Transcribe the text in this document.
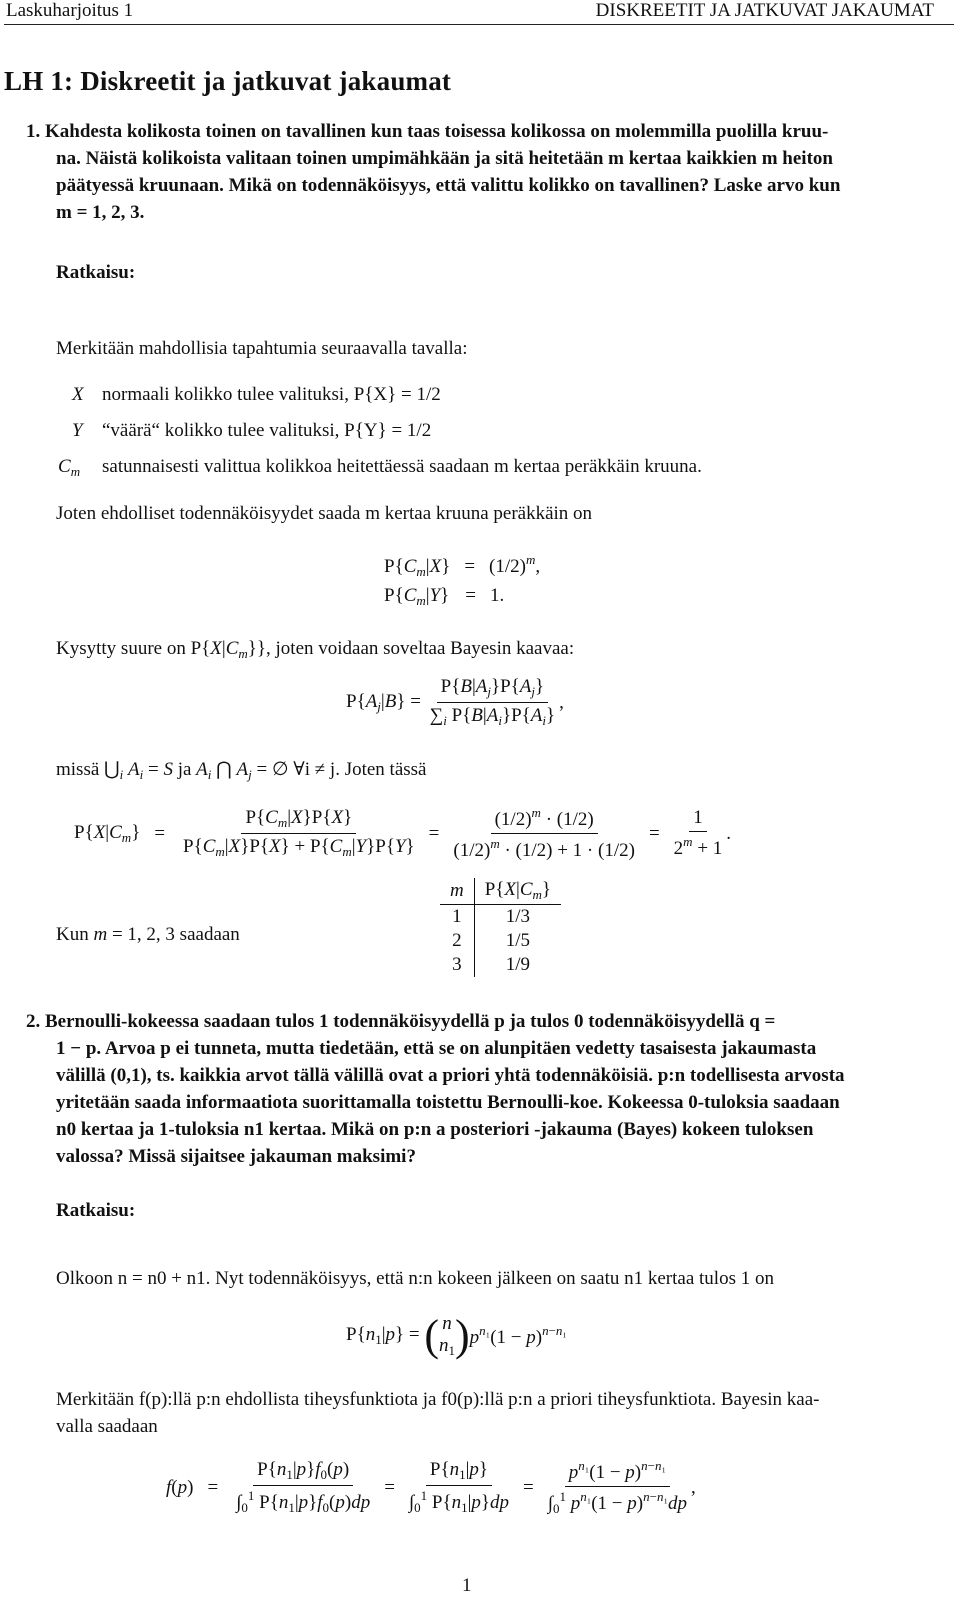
Laskuharjoitus 1	DISKREETIT JA JATKUVAT JAKAUMAT
LH 1: Diskreetit ja jatkuvat jakaumat
1. Kahdesta kolikosta toinen on tavallinen kun taas toisessa kolikossa on molemmilla puolilla kruu-
na. Näistä kolikoista valitaan toinen umpimähkään ja sitä heitetään m kertaa kaikkien m heiton
päätyessä kruunaan. Mikä on todennäköisyys, että valittu kolikko on tavallinen? Laske arvo kun
m = 1, 2, 3.
Ratkaisu:
Merkitään mahdollisia tapahtumia seuraavalla tavalla:
X normaali kolikko tulee valituksi, P{X} = 1/2
Y “väärä“ kolikko tulee valituksi, P{Y} = 1/2
$C_m$ satunnaisesti valittua kolikkoa heitettäessä saadaan m kertaa peräkkäin kruuna.
Joten ehdolliset todennäköisyydet saada m kertaa kruuna peräkkäin on
$P\{C_m|X\} = (1/2)^m$,
$P\{C_m|Y\} = 1$.
Kysytty suure on $P\{X|C_m\}$}, joten voidaan soveltaa Bayesin kaavaa:
$P\{A_j|B\} = \frac{P\{B|A_j\}P\{A_j\}}{\sum_i P\{B|A_i\}P\{A_i\}}$ ,
missä $⋃_i$ $A_i = S$ ja $A_i$ ⋂ $A_j$ = ∅ ∀i ≠ j. Joten tässä
$P\{X|C_m\} = \frac{P\{C_m|X\}P\{X\}}{P\{C_m|X\}P\{X\} + P\{C_m|Y\}P\{Y\}} = \frac{(1/2)^m \cdot (1/2)}{(1/2)^m \cdot (1/2) + 1 \cdot (1/2)} = \frac{1}{2^m + 1}$ .
Kun m = 1, 2, 3 saadaan
m	$P\{X|C_m\}$
1	1/3
2	1/5
3	1/9
2. Bernoulli-kokeessa saadaan tulos 1 todennäköisyydellä p ja tulos 0 todennäköisyydellä q =
1 − p. Arvoa p ei tunneta, mutta tiedetään, että se on alunpitäen vedetty tasaisesta jakaumasta
välillä (0,1), ts. kaikkia arvot tällä välillä ovat a priori yhtä todennäköisiä. p:n todellisesta arvosta
yritetään saada informaatiota suorittamalla toistettu Bernoulli-koe. Kokeessa 0-tuloksia saadaan
n0 kertaa ja 1-tuloksia n1 kertaa. Mikä on p:n a posteriori -jakauma (Bayes) kokeen tuloksen
valossa? Missä sijaitsee jakauman maksimi?
Ratkaisu:
Olkoon n = n0 + n1. Nyt todennäköisyys, että n:n kokeen jälkeen on saatu n1 kertaa tulos 1 on
$P\{n_1|p\}$ = ( n
$n_1$ ) $p^{n_1}(1 - p)^{n-n_1}$
Merkitään f(p):llä p:n ehdollista tiheysfunktiota ja f0(p):llä p:n a priori tiheysfunktiota. Bayesin kaa-
valla saadaan
f $(p) = \frac{P\{n_1|p\}f_0(p)}{\int_0^1 P\{n_1|p\}f_0(p)dp} = \frac{P\{n_1|p\}}{\int_0^1 P\{n_1|p\}dp} = \frac{p^{n_1}(1 - p)^{n-n_1}}{\int_0^1 p^{n_1}(1 - p)^{n-n_1}dp}$ ,
1
